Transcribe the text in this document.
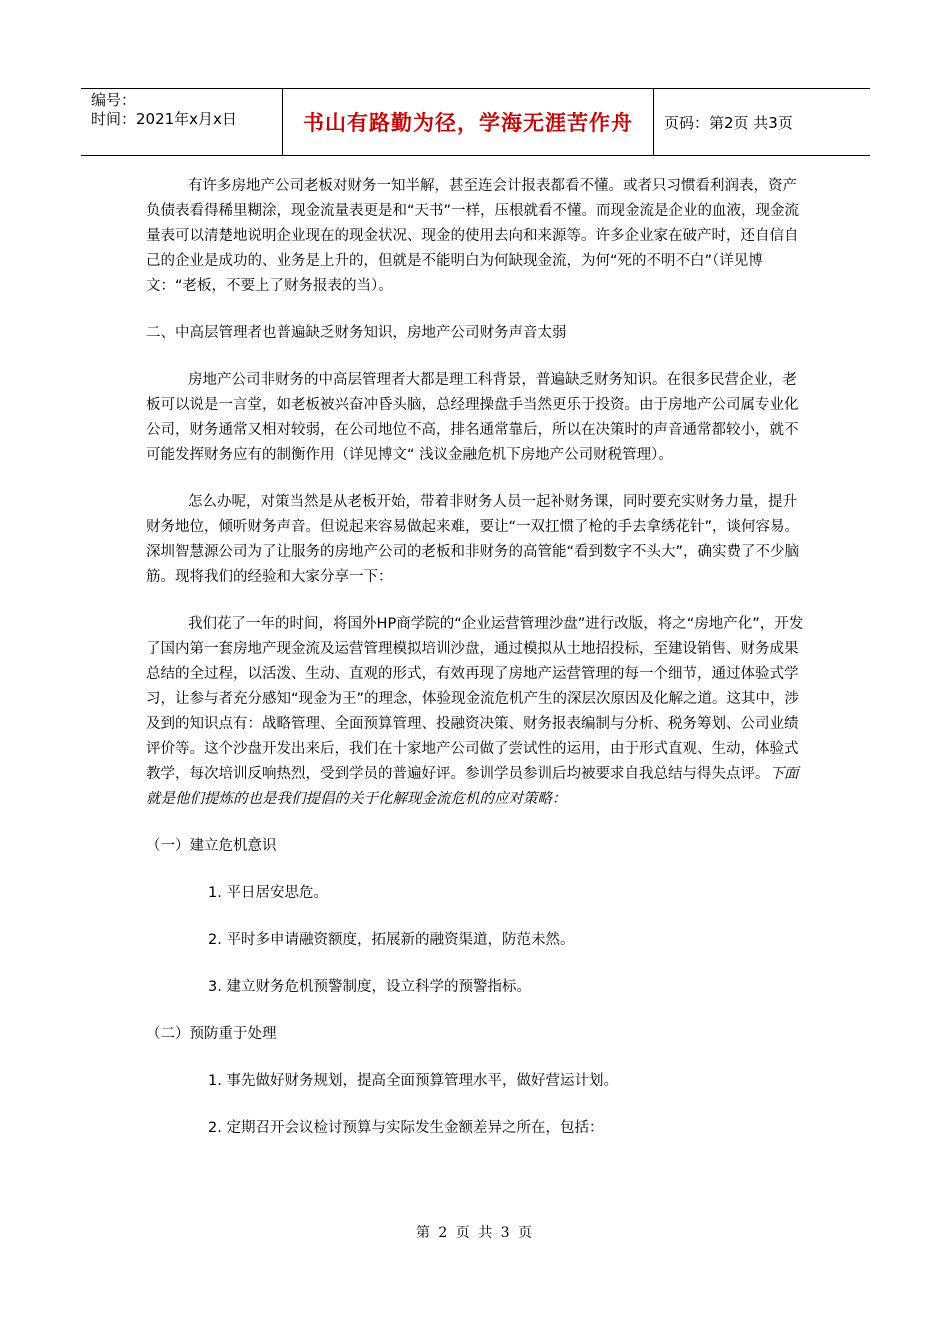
编号：
时间：2021年x月x日	书山有路勤为径，学海无涯苦作舟	页码：第2页 共3页

有许多房地产公司老板对财务一知半解，甚至连会计报表都看不懂。或者只习惯看利润表，资产负债表看得稀里糊涂，现金流量表更是和“天书”一样，压根就看不懂。而现金流是企业的血液，现金流量表可以清楚地说明企业现在的现金状况、现金的使用去向和来源等。许多企业家在破产时，还自信自己的企业是成功的、业务是上升的，但就是不能明白为何缺现金流，为何“死的不明不白”（详见博文：“老板，不要上了财务报表的当）。

二、中高层管理者也普遍缺乏财务知识，房地产公司财务声音太弱

房地产公司非财务的中高层管理者大都是理工科背景，普遍缺乏财务知识。在很多民营企业，老板可以说是一言堂，如老板被兴奋冲昏头脑，总经理操盘手当然更乐于投资。由于房地产公司属专业化公司，财务通常又相对较弱，在公司地位不高，排名通常靠后，所以在决策时的声音通常都较小，就不可能发挥财务应有的制衡作用（详见博文“ 浅议金融危机下房地产公司财税管理）。

怎么办呢，对策当然是从老板开始，带着非财务人员一起补财务课，同时要充实财务力量，提升财务地位，倾听财务声音。但说起来容易做起来难，要让“一双扛惯了枪的手去拿绣花针”，谈何容易。深圳智慧源公司为了让服务的房地产公司的老板和非财务的高管能“看到数字不头大”，确实费了不少脑筋。现将我们的经验和大家分享一下：

我们花了一年的时间，将国外HP商学院的“企业运营管理沙盘”进行改版，将之“房地产化”，开发了国内第一套房地产现金流及运营管理模拟培训沙盘，通过模拟从土地招投标，至建设销售、财务成果总结的全过程，以活泼、生动、直观的形式，有效再现了房地产运营管理的每一个细节，通过体验式学习，让参与者充分感知“现金为王”的理念，体验现金流危机产生的深层次原因及化解之道。这其中，涉及到的知识点有：战略管理、全面预算管理、投融资决策、财务报表编制与分析、税务筹划、公司业绩评价等。这个沙盘开发出来后，我们在十家地产公司做了尝试性的运用，由于形式直观、生动，体验式教学，每次培训反响热烈，受到学员的普遍好评。参训学员参训后均被要求自我总结与得失点评。下面就是他们提炼的也是我们提倡的关于化解现金流危机的应对策略：

（一）建立危机意识

1. 平日居安思危。

2. 平时多申请融资额度，拓展新的融资渠道，防范未然。

3. 建立财务危机预警制度，设立科学的预警指标。

（二）预防重于处理

1. 事先做好财务规划，提高全面预算管理水平，做好营运计划。

2. 定期召开会议检讨预算与实际发生金额差异之所在，包括：

第 2 页 共 3 页
